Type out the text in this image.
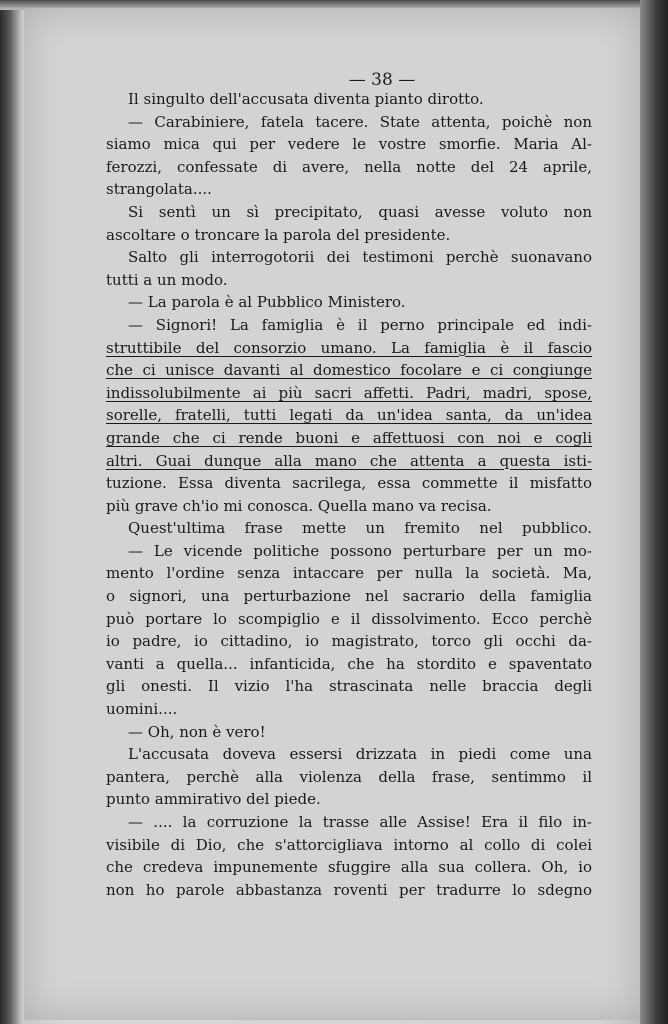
— 38 —
Il singulto dell'accusata diventa pianto dirotto.
— Carabiniere, fatela tacere. State attenta, poichè non
siamo mica qui per vedere le vostre smorfie. Maria Al-
ferozzi, confessate di avere, nella notte del 24 aprile,
strangolata....
Si sentì un sì precipitato, quasi avesse voluto non
ascoltare o troncare la parola del presidente.
Salto gli interrogotorii dei testimoni perchè suonavano
tutti a un modo.
— La parola è al Pubblico Ministero.
— Signori! La famiglia è il perno principale ed indi-
struttibile del consorzio umano. La famiglia è il fascio
che ci unisce davanti al domestico focolare e ci congiunge
indissolubilmente ai più sacri affetti. Padri, madri, spose,
sorelle, fratelli, tutti legati da un'idea santa, da un'idea
grande che ci rende buoni e affettuosi con noi e cogli
altri. Guai dunque alla mano che attenta a questa isti-
tuzione. Essa diventa sacrilega, essa commette il misfatto
più grave ch'io mi conosca. Quella mano va recisa.
Quest'ultima frase mette un fremito nel pubblico.
— Le vicende politiche possono perturbare per un mo-
mento l'ordine senza intaccare per nulla la società. Ma,
o signori, una perturbazione nel sacrario della famiglia
può portare lo scompiglio e il dissolvimento. Ecco perchè
io padre, io cittadino, io magistrato, torco gli occhi da-
vanti a quella... infanticida, che ha stordito e spaventato
gli onesti. Il vizio l'ha strascinata nelle braccia degli
uomini....
— Oh, non è vero!
L'accusata doveva essersi drizzata in piedi come una
pantera, perchè alla violenza della frase, sentimmo il
punto ammirativo del piede.
— .... la corruzione la trasse alle Assise! Era il filo in-
visibile di Dio, che s'attorcigliava intorno al collo di colei
che credeva impunemente sfuggire alla sua collera. Oh, io
non ho parole abbastanza roventi per tradurre lo sdegno
